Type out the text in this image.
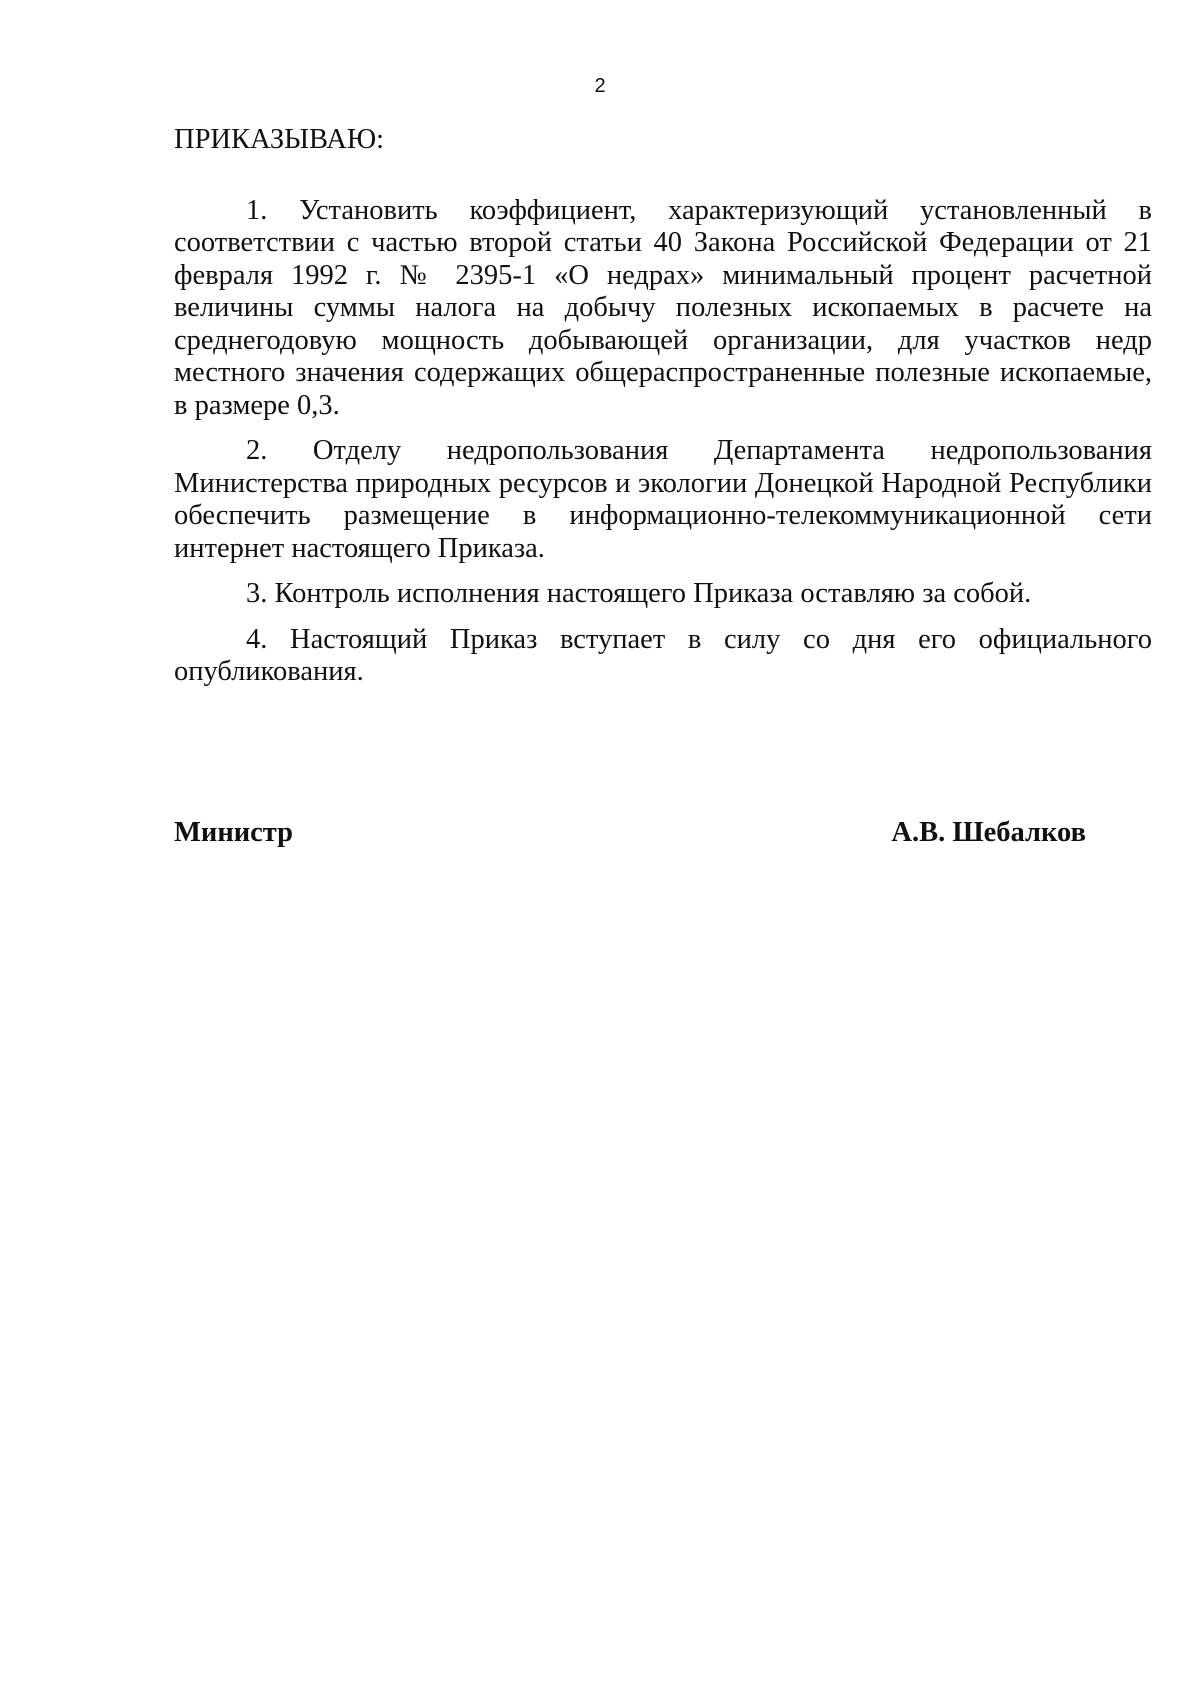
2

ПРИКАЗЫВАЮ:

1. Установить коэффициент, характеризующий установленный в соответствии с частью второй статьи 40 Закона Российской Федерации от 21 февраля 1992 г. № 2395-1 «О недрах» минимальный процент расчетной величины суммы налога на добычу полезных ископаемых в расчете на среднегодовую мощность добывающей организации, для участков недр местного значения содержащих общераспространенные полезные ископаемые, в размере 0,3.

2. Отделу недропользования Департамента недропользования Министерства природных ресурсов и экологии Донецкой Народной Республики обеспечить размещение в информационно-телекоммуникационной сети интернет настоящего Приказа.

3. Контроль исполнения настоящего Приказа оставляю за собой.

4. Настоящий Приказ вступает в силу со дня его официального опубликования.

Министр	А.В. Шебалков
